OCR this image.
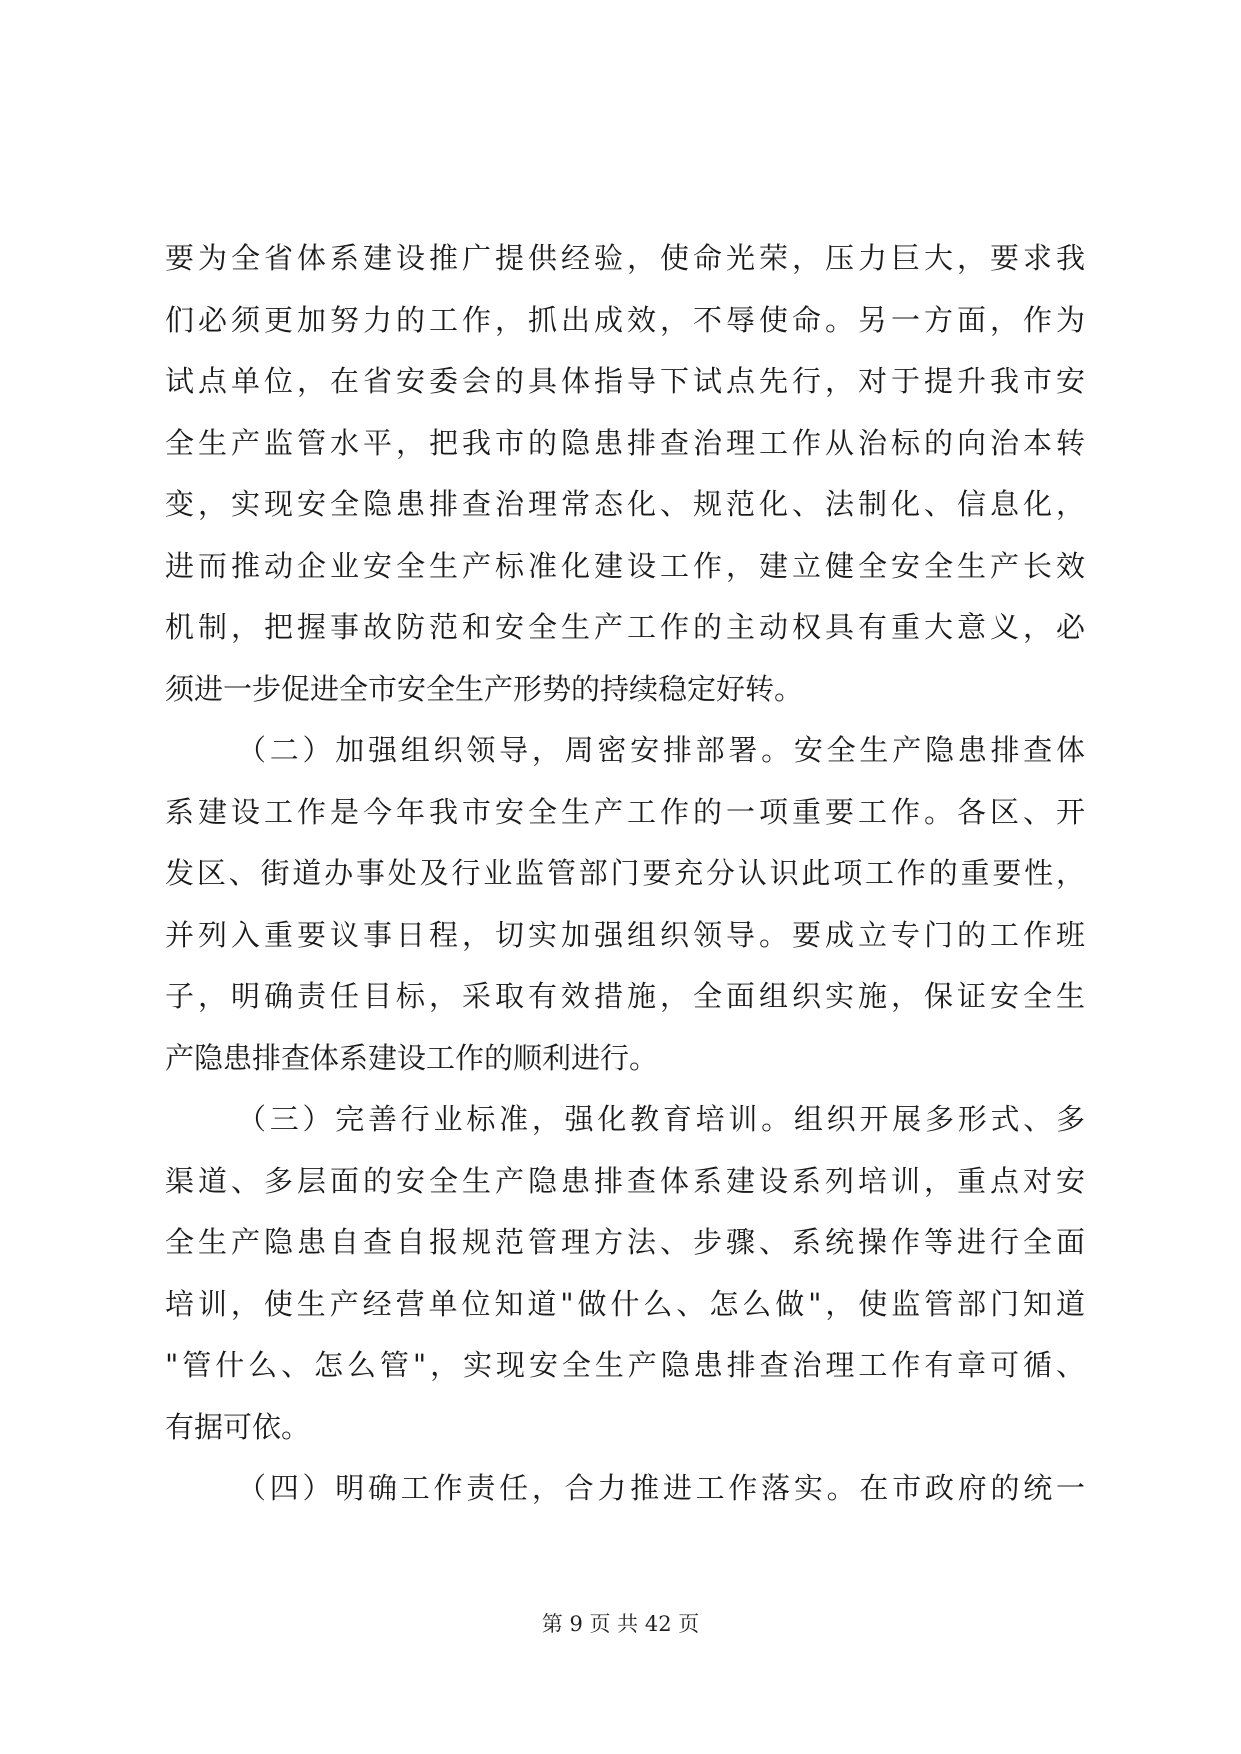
要为全省体系建设推广提供经验，使命光荣，压力巨大，要求我
们必须更加努力的工作，抓出成效，不辱使命。另一方面，作为
试点单位，在省安委会的具体指导下试点先行，对于提升我市安
全生产监管水平，把我市的隐患排查治理工作从治标的向治本转
变，实现安全隐患排查治理常态化、规范化、法制化、信息化，
进而推动企业安全生产标准化建设工作，建立健全安全生产长效
机制，把握事故防范和安全生产工作的主动权具有重大意义，必
须进一步促进全市安全生产形势的持续稳定好转。
（二）加强组织领导，周密安排部署。安全生产隐患排查体
系建设工作是今年我市安全生产工作的一项重要工作。各区、开
发区、街道办事处及行业监管部门要充分认识此项工作的重要性，
并列入重要议事日程，切实加强组织领导。要成立专门的工作班
子，明确责任目标，采取有效措施，全面组织实施，保证安全生
产隐患排查体系建设工作的顺利进行。
（三）完善行业标准，强化教育培训。组织开展多形式、多
渠道、多层面的安全生产隐患排查体系建设系列培训，重点对安
全生产隐患自查自报规范管理方法、步骤、系统操作等进行全面
培训，使生产经营单位知道"做什么、怎么做"，使监管部门知道
"管什么、怎么管"，实现安全生产隐患排查治理工作有章可循、
有据可依。
（四）明确工作责任，合力推进工作落实。在市政府的统一
第 9 页 共 42 页
